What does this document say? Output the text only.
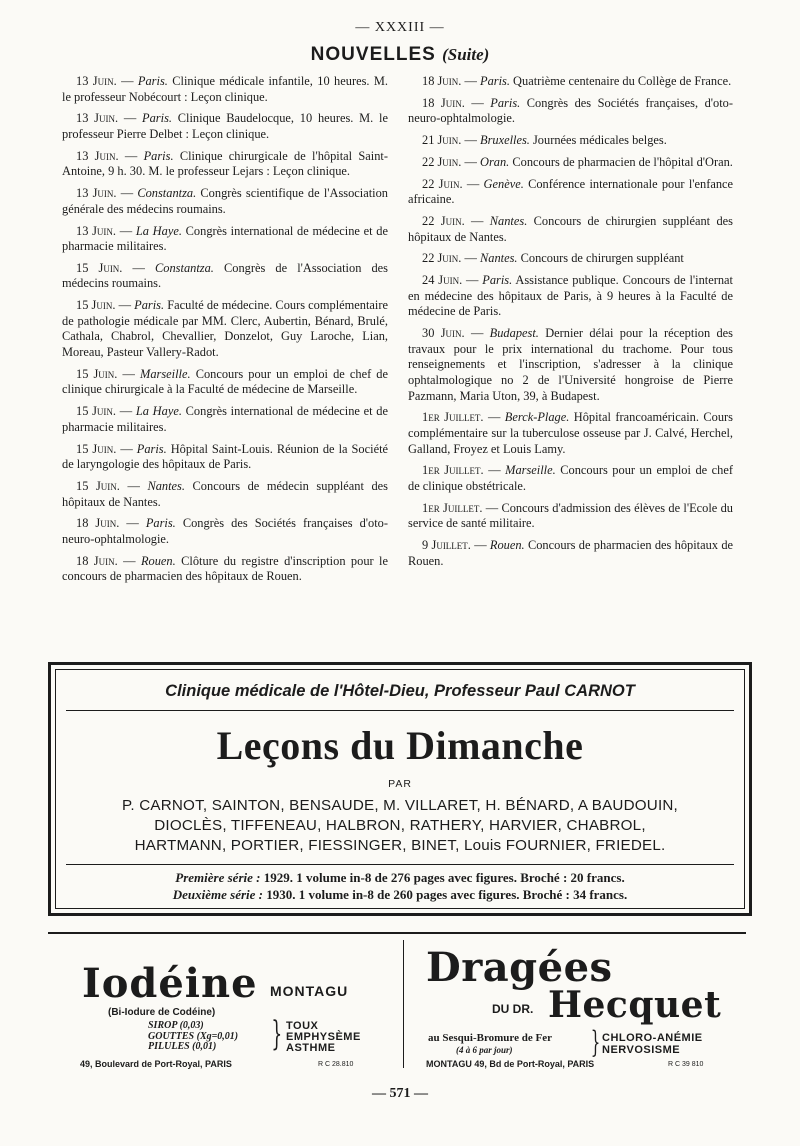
— XXXIII —
NOUVELLES (Suite)

13 Juin. — Paris. Clinique médicale infantile, 10 heures. M. le professeur Nobécourt : Leçon clinique.

13 Juin. — Paris. Clinique Baudelocque, 10 heures. M. le professeur Pierre Delbet : Leçon clinique.

13 Juin. — Paris. Clinique chirurgicale de l'hôpital Saint-Antoine, 9 h. 30. M. le professeur Lejars : Leçon clinique.

13 Juin. — Constantza. Congrès scientifique de l'Association générale des médecins roumains.

13 Juin. — La Haye. Congrès international de médecine et de pharmacie militaires.

15 Juin. — Constantza. Congrès de l'Association des médecins roumains.

15 Juin. — Paris. Faculté de médecine. Cours complémentaire de pathologie médicale par MM. Clerc, Aubertin, Bénard, Brulé, Cathala, Chabrol, Chevallier, Donzelot, Guy Laroche, Lian, Moreau, Pasteur Vallery-Radot.

15 Juin. — Marseille. Concours pour un emploi de chef de clinique chirurgicale à la Faculté de médecine de Marseille.

15 Juin. — La Haye. Congrès international de médecine et de pharmacie militaires.

15 Juin. — Paris. Hôpital Saint-Louis. Réunion de la Société de laryngologie des hôpitaux de Paris.

15 Juin. — Nantes. Concours de médecin suppléant des hôpitaux de Nantes.

18 Juin. — Paris. Congrès des Sociétés françaises d'oto-neuro-ophtalmologie.

18 Juin. — Rouen. Clôture du registre d'inscription pour le concours de pharmacien des hôpitaux de Rouen.

18 Juin. — Paris. Quatrième centenaire du Collège de France.

18 Juin. — Paris. Congrès des Sociétés françaises, d'oto-neuro-ophtalmologie.

21 Juin. — Bruxelles. Journées médicales belges.

22 Juin. — Oran. Concours de pharmacien de l'hôpital d'Oran.

22 Juin. — Genève. Conférence internationale pour l'enfance africaine.

22 Juin. — Nantes. Concours de chirurgien suppléant des hôpitaux de Nantes.

22 Juin. — Nantes. Concours de chirurgen suppléant

24 Juin. — Paris. Assistance publique. Concours de l'internat en médecine des hôpitaux de Paris, à 9 heures à la Faculté de médecine de Paris.

30 Juin. — Budapest. Dernier délai pour la réception des travaux pour le prix international du trachome. Pour tous renseignements et l'inscription, s'adresser à la clinique ophtalmologique no 2 de l'Université hongroise de Pierre Pazmann, Maria Uton, 39, à Budapest.

1er Juillet. — Berck-Plage. Hôpital francoaméricain. Cours complémentaire sur la tuberculose osseuse par J. Calvé, Herchel, Galland, Froyez et Louis Lamy.

1er Juillet. — Marseille. Concours pour un emploi de chef de clinique obstétricale.

1er Juillet. — Concours d'admission des élèves de l'Ecole du service de santé militaire.

9 Juillet. — Rouen. Concours de pharmacien des hôpitaux de Rouen.

Clinique médicale de l'Hôtel-Dieu, Professeur Paul CARNOT
Leçons du Dimanche
PAR
P. CARNOT, SAINTON, BENSAUDE, M. VILLARET, H. BÉNARD, A BAUDOUIN,
DIOCLÈS, TIFFENEAU, HALBRON, RATHERY, HARVIER, CHABROL,
HARTMANN, PORTIER, FIESSINGER, BINET, Louis FOURNIER, FRIEDEL.
Première série : 1929. 1 volume in-8 de 276 pages avec figures. Broché : 20 francs.
Deuxième série : 1930. 1 volume in-8 de 260 pages avec figures. Broché : 34 francs.
Iodéine MONTAGU
(Bi-Iodure de Codéine)
SIROP (0,03)
GOUTTES (Xg=0,01)
PILULES (0,01)	} TOUX
EMPHYSÈME
ASTHME
49, Boulevard de Port-Royal, PARIS	R C 28.810
Dragées
DU DR. Hecquet
au Sesqui-Bromure de Fer
(4 à 6 par jour)	} CHLORO-ANÉMIE
NERVOSISME
MONTAGU 49, Bd de Port-Royal, PARIS	R C 39 810
— 571 —
